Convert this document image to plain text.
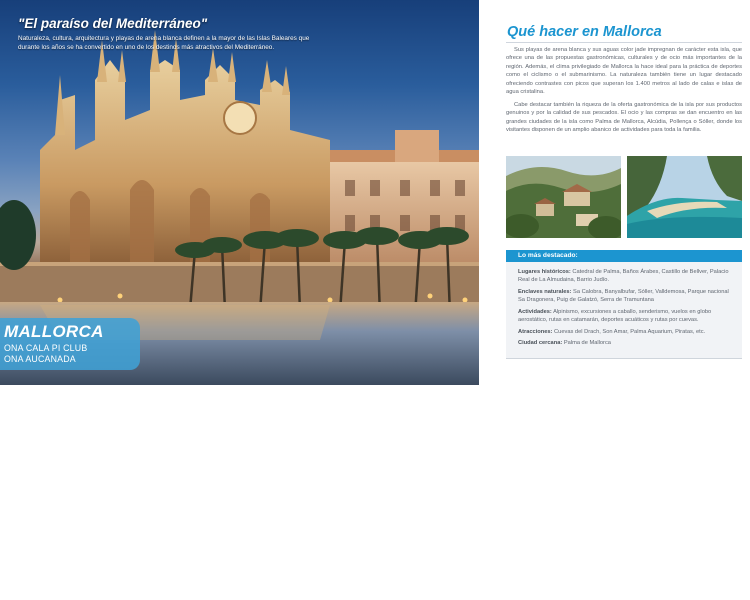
"El paraíso del Mediterráneo"
Naturaleza, cultura, arquitectura y playas de arena blanca definen a la mayor de las Islas Baleares que durante los años se ha convertido en uno de los destinos más atractivos del Mediterráneo.
MALLORCA
ONA CALA PI CLUB
ONA AUCANADA
Qué hacer en Mallorca

Sus playas de arena blanca y sus aguas color jade impregnan de carácter esta isla, que ofrece una de las propuestas gastronómicas, culturales y de ocio más importantes de la región. Además, el clima privilegiado de Mallorca la hace ideal para la práctica de deportes como el ciclismo o el submarinismo. La naturaleza también tiene un lugar destacado ofreciendo contrastes con picos que superan los 1.400 metros al lado de calas e islas de agua cristalina.

Cabe destacar también la riqueza de la oferta gastronómica de la isla por sus productos genuinos y por la calidad de sus pescados. El ocio y las compras se dan encuentro en las grandes ciudades de la isla como Palma de Mallorca, Alcúdia, Pollença o Sóller, donde los visitantes disponen de un amplio abanico de actividades para toda la familia.

Lo más destacado:

Lugares históricos: Catedral de Palma, Baños Árabes, Castillo de Bellver, Palacio Real de La Almudaina, Barrio Judío.

Enclaves naturales: Sa Calobra, Banyalbufar, Sóller, Valldemosa, Parque nacional Sa Dragonera, Puig de Galatzó, Serra de Tramuntana

Actividades: Alpinismo, excursiones a caballo, senderismo, vuelos en globo aerostático, rutas en catamarán, deportes acuáticos y rutas por cuevas.

Atracciones: Cuevas del Drach, Son Amar, Palma Aquarium, Piratas, etc.

Ciudad cercana: Palma de Mallorca
